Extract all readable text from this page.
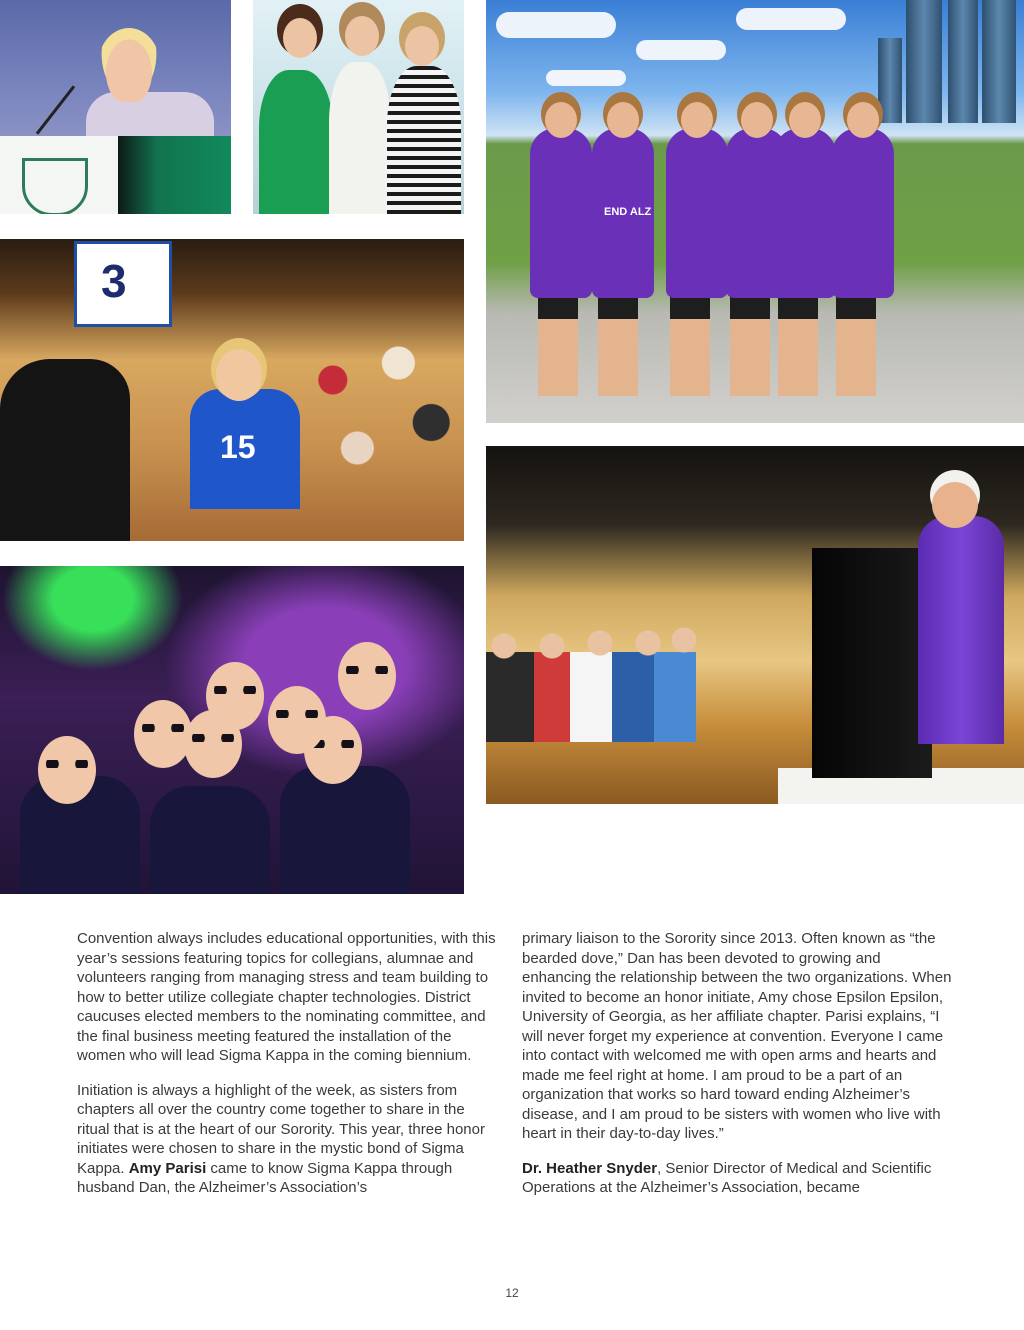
END ALZ
3
15

Convention always includes educational opportunities, with this year’s sessions featuring topics for collegians, alumnae and volunteers ranging from managing stress and team building to how to better utilize collegiate chapter technologies. District caucuses elected members to the nominating committee, and the final business meeting featured the installation of the women who will lead Sigma Kappa in the coming biennium.

Initiation is always a highlight of the week, as sisters from chapters all over the country come together to share in the ritual that is at the heart of our Sorority. This year, three honor initiates were chosen to share in the mystic bond of Sigma Kappa. Amy Parisi came to know Sigma Kappa through husband Dan, the Alzheimer’s Association’s

primary liaison to the Sorority since 2013. Often known as “the bearded dove,” Dan has been devoted to growing and enhancing the relationship between the two organizations. When invited to become an honor initiate, Amy chose Epsilon Epsilon, University of Georgia, as her affiliate chapter. Parisi explains, “I will never forget my experience at convention. Everyone I came into contact with welcomed me with open arms and hearts and made me feel right at home. I am proud to be a part of an organization that works so hard toward ending Alzheimer’s disease, and I am proud to be sisters with women who live with heart in their day-to-day lives.”

Dr. Heather Snyder, Senior Director of Medical and Scientific Operations at the Alzheimer’s Association, became

12
